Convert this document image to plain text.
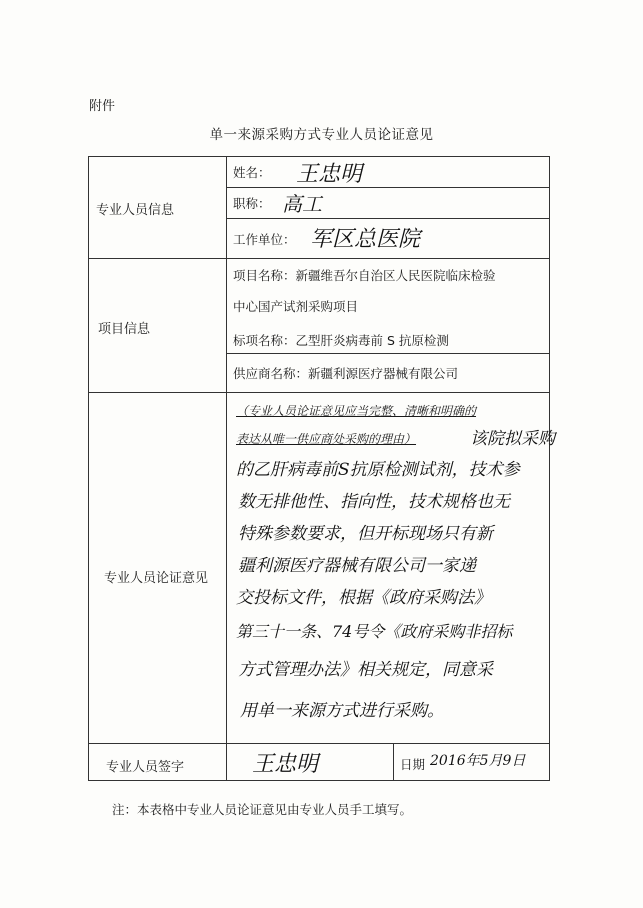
附件
单一来源采购方式专业人员论证意见
专业人员信息
项目信息
专业人员论证意见
专业人员签字
姓名： 王忠明
职称： 高工
工作单位： 军区总医院
项目名称：新疆维吾尔自治区人民医院临床检验
中心国产试剂采购项目
标项名称：乙型肝炎病毒前 S 抗原检测
供应商名称：新疆利源医疗器械有限公司
（专业人员论证意见应当完整、清晰和明确的
表达从唯一供应商处采购的理由）	该院拟采购
的乙肝病毒前S抗原检测试剂，技术参
数无排他性、指向性，技术规格也无
特殊参数要求，但开标现场只有新
疆利源医疗器械有限公司一家递
交投标文件，根据《政府采购法》
第三十一条、74号令《政府采购非招标
方式管理办法》相关规定，同意采
用单一来源方式进行采购。
王忠明	日期 2016年5月9日
注：本表格中专业人员论证意见由专业人员手工填写。
